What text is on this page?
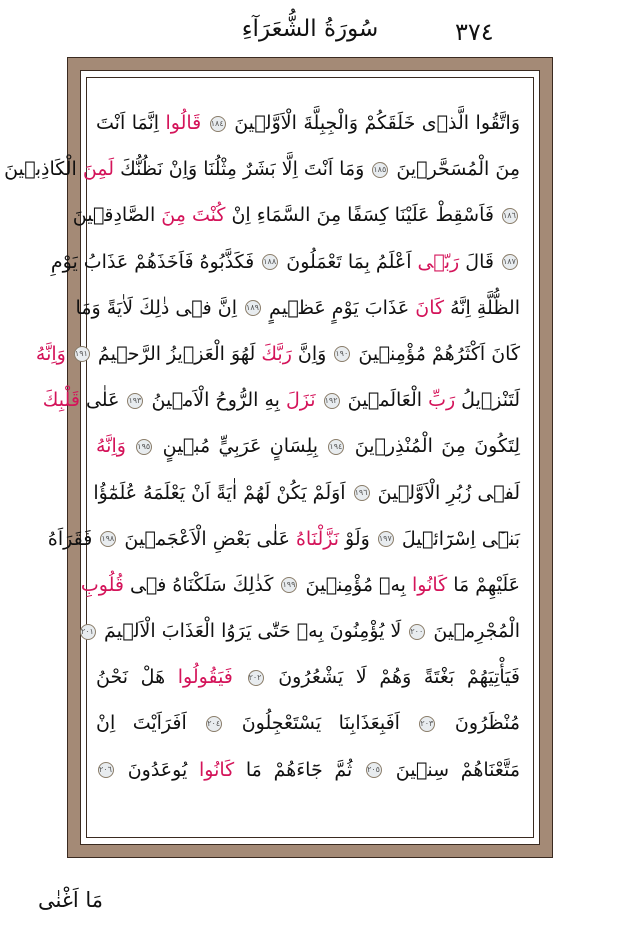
سُورَةُ الشُّعَرَآءِ	٣٧٤
وَاتَّقُوا الَّذٖى خَلَقَكُمْ وَالْجِبِلَّةَ الْاَوَّلٖينَ ١٨٤ قَالُوا اِنَّمَا اَنْتَ
مِنَ الْمُسَحَّرٖينَ ١٨٥ وَمَا اَنْتَ اِلَّا بَشَرٌ مِثْلُنَا وَاِنْ نَظُنُّكَ لَمِنَ الْكَاذِبٖينَ
١٨٦ فَاَسْقِطْ عَلَيْنَا كِسَفًا مِنَ السَّمَاءِ اِنْ كُنْتَ مِنَ الصَّادِقٖينَ
١٨٧ قَالَ رَبّٖى اَعْلَمُ بِمَا تَعْمَلُونَ ١٨٨ فَكَذَّبُوهُ فَاَخَذَهُمْ عَذَابُ يَوْمِ
الظُّلَّةِ اِنَّهُ كَانَ عَذَابَ يَوْمٍ عَظٖيمٍ ١٨٩ اِنَّ فٖى ذٰلِكَ لَاٰيَةً وَمَا
كَانَ اَكْثَرُهُمْ مُؤْمِنٖينَ ١٩٠ وَاِنَّ رَبَّكَ لَهُوَ الْعَزٖيزُ الرَّحٖيمُ ١٩١ وَاِنَّهُ
لَتَنْزٖيلُ رَبِّ الْعَالَمٖينَ ١٩٢ نَزَلَ بِهِ الرُّوحُ الْاَمٖينُ ١٩٣ عَلٰى قَلْبِكَ
لِتَكُونَ مِنَ الْمُنْذِرٖينَ ١٩٤ بِلِسَانٍ عَرَبِيٍّ مُبٖينٍ ١٩٥ وَاِنَّهُ
لَفٖى زُبُرِ الْاَوَّلٖينَ ١٩٦ اَوَلَمْ يَكُنْ لَهُمْ اٰيَةً اَنْ يَعْلَمَهُ عُلَمٰٓؤُا
بَنٖٓى اِسْرَٓائٖيلَ ١٩٧ وَلَوْ نَزَّلْنَاهُ عَلٰى بَعْضِ الْاَعْجَمٖينَ ١٩٨ فَقَرَاَهُ
عَلَيْهِمْ مَا كَانُوا بِهٖ مُؤْمِنٖينَ ١٩٩ كَذٰلِكَ سَلَكْنَاهُ فٖى قُلُوبِ
الْمُجْرِمٖينَ ٢٠٠ لَا يُؤْمِنُونَ بِهٖ حَتّٰى يَرَوُا الْعَذَابَ الْاَلٖيمَ ٢٠١
فَيَأْتِيَهُمْ بَغْتَةً وَهُمْ لَا يَشْعُرُونَ ٢٠٢ فَيَقُولُوا هَلْ نَحْنُ
مُنْظَرُونَ ٢٠٣ اَفَبِعَذَابِنَا يَسْتَعْجِلُونَ ٢٠٤ اَفَرَاَيْتَ اِنْ
مَتَّعْنَاهُمْ سِنٖينَ ٢٠٥ ثُمَّ جَٓاءَهُمْ مَا كَانُوا يُوعَدُونَ ٢٠٦
مَا اَغْنٰى
